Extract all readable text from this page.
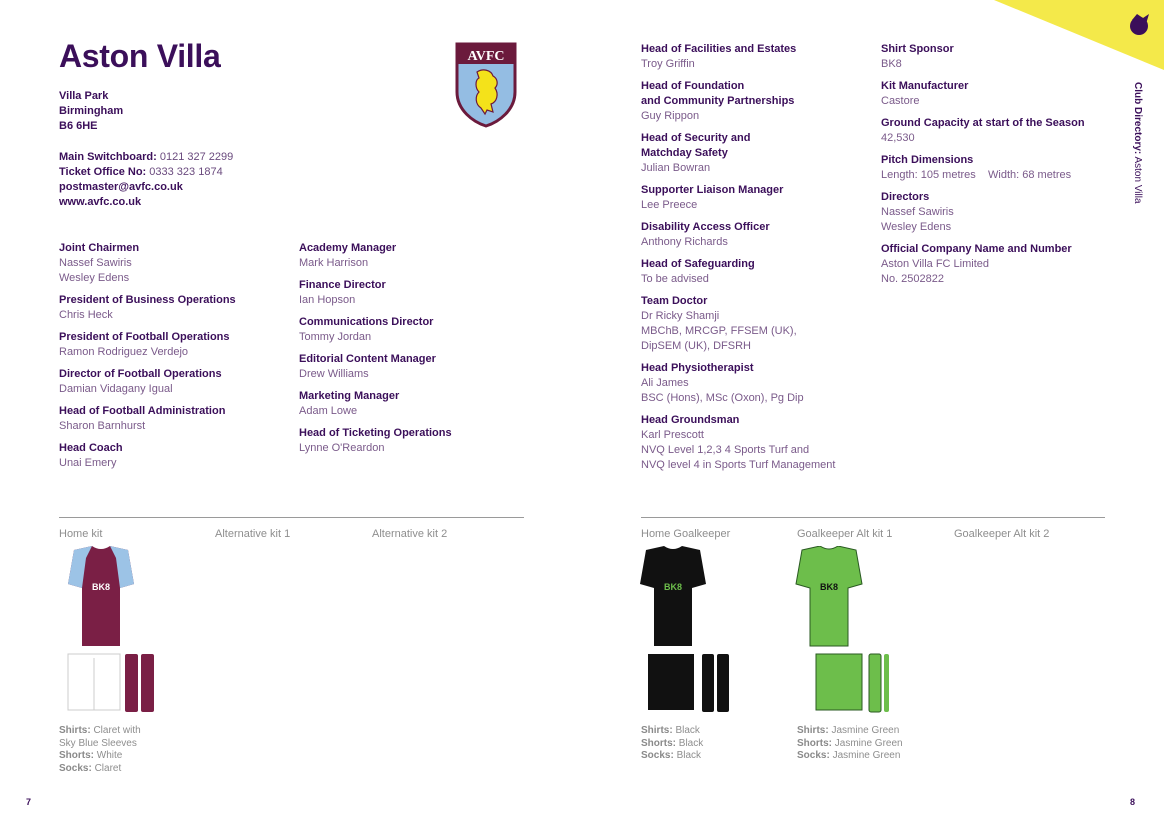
Aston Villa
Villa Park
Birmingham
B6 6HE
Main Switchboard: 0121 327 2299
Ticket Office No: 0333 323 1874
postmaster@avfc.co.uk
www.avfc.co.uk
AVFC
Joint Chairmen
Nassef Sawiris
Wesley Edens
President of Business Operations
Chris Heck
President of Football Operations
Ramon Rodriguez Verdejo
Director of Football Operations
Damian Vidagany Igual
Head of Football Administration
Sharon Barnhurst
Head Coach
Unai Emery
Academy Manager
Mark Harrison
Finance Director
Ian Hopson
Communications Director
Tommy Jordan
Editorial Content Manager
Drew Williams
Marketing Manager
Adam Lowe
Head of Ticketing Operations
Lynne O'Reardon
Head of Facilities and Estates
Troy Griffin
Head of Foundation
and Community Partnerships
Guy Rippon
Head of Security and
Matchday Safety
Julian Bowran
Supporter Liaison Manager
Lee Preece
Disability Access Officer
Anthony Richards
Head of Safeguarding
To be advised
Team Doctor
Dr Ricky Shamji
MBChB, MRCGP, FFSEM (UK),
DipSEM (UK), DFSRH
Head Physiotherapist
Ali James
BSC (Hons), MSc (Oxon), Pg Dip
Head Groundsman
Karl Prescott
NVQ Level 1,2,3 4 Sports Turf and
NVQ level 4 in Sports Turf Management
Shirt Sponsor
BK8
Kit Manufacturer
Castore
Ground Capacity at start of the Season
42,530
Pitch Dimensions
Length: 105 metres    Width: 68 metres
Directors
Nassef Sawiris
Wesley Edens
Official Company Name and Number
Aston Villa FC Limited
No. 2502822
Home kit	Alternative kit 1	Alternative kit 2	Home Goalkeeper	Goalkeeper Alt kit 1	Goalkeeper Alt kit 2
BK8
Shirts: Claret with
Sky Blue Sleeves
Shorts: White
Socks: Claret
BK8
Shirts: Black
Shorts: Black
Socks: Black
BK8
Shirts: Jasmine Green
Shorts: Jasmine Green
Socks: Jasmine Green
Club Directory: Aston Villa
7	8
